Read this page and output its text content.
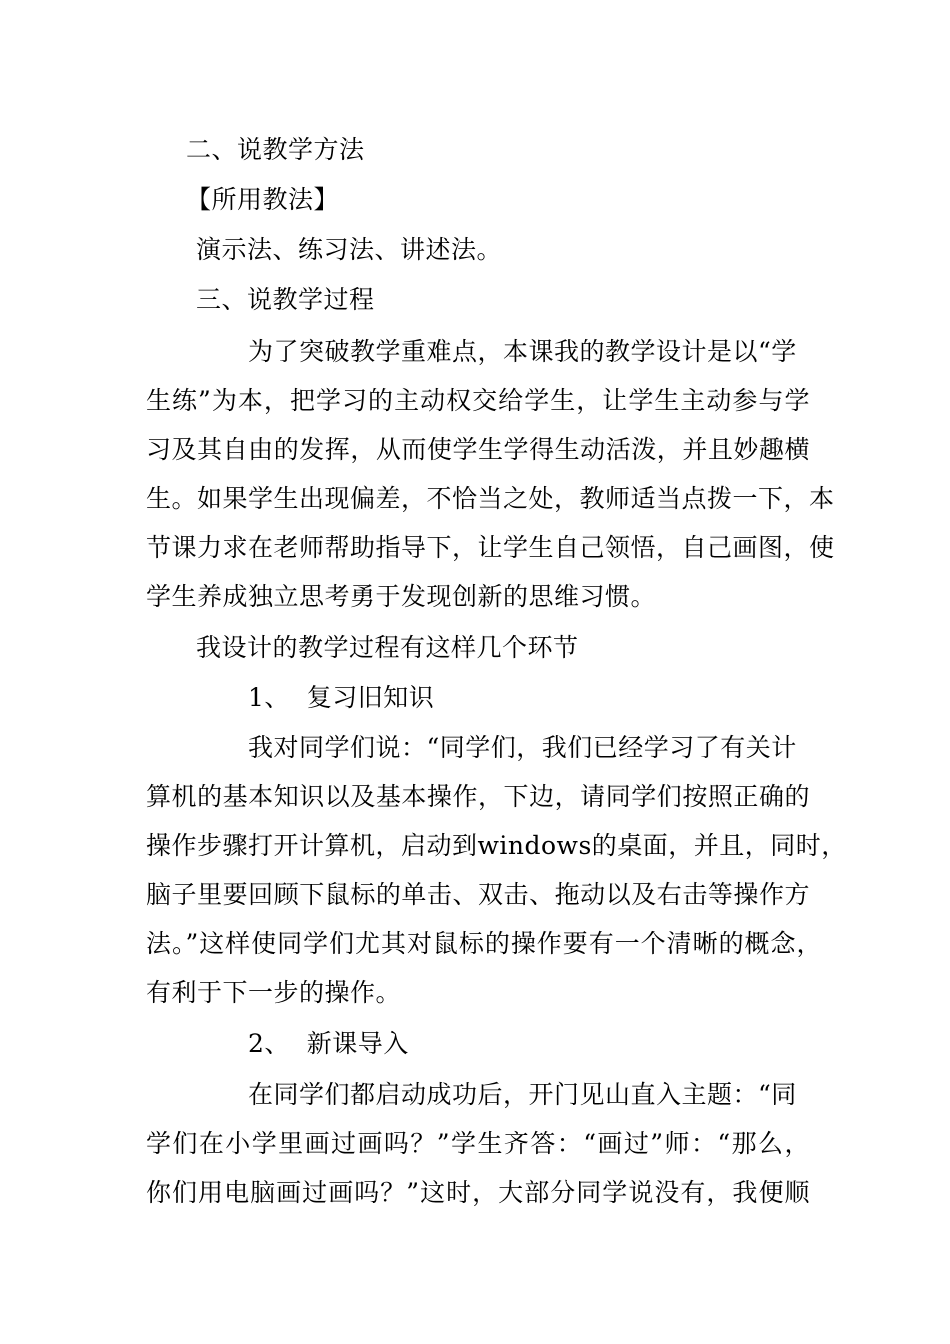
二、说教学方法
【所用教法】
演示法、练习法、讲述法。
三、说教学过程
为了突破教学重难点，本课我的教学设计是以“学
生练”为本，把学习的主动权交给学生，让学生主动参与学
习及其自由的发挥，从而使学生学得生动活泼，并且妙趣横
生。如果学生出现偏差，不恰当之处，教师适当点拨一下，本
节课力求在老师帮助指导下，让学生自己领悟，自己画图，使
学生养成独立思考勇于发现创新的思维习惯。
我设计的教学过程有这样几个环节
1、  复习旧知识
我对同学们说：“同学们，我们已经学习了有关计
算机的基本知识以及基本操作，下边，请同学们按照正确的
操作步骤打开计算机，启动到windows的桌面，并且，同时，
脑子里要回顾下鼠标的单击、双击、拖动以及右击等操作方
法。”这样使同学们尤其对鼠标的操作要有一个清晰的概念，
有利于下一步的操作。
2、  新课导入
在同学们都启动成功后，开门见山直入主题：“同
学们在小学里画过画吗？”学生齐答：“画过”师：“那么，
你们用电脑画过画吗？”这时，大部分同学说没有，我便顺
